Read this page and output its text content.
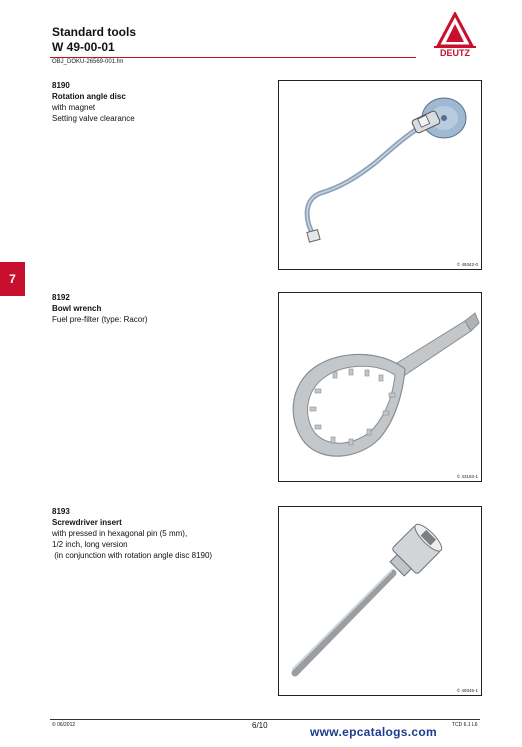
Standard tools
W 49-00-01
OBJ_DOKU-26569-001.fm
DEUTZ
7
8190
Rotation angle disc
with magnet
Setting valve clearance
© 49342-0
8192
Bowl wrench
Fuel pre-filter (type: Racor)
© 43183-1
8193
Screwdriver insert
with pressed in hexagonal pin (5 mm),
1/2 inch, long version
(in conjunction with rotation angle disc 8190)
© 49345-1
© 06/2012	6/10	TCD 6.1 L6
www.epcatalogs.com
